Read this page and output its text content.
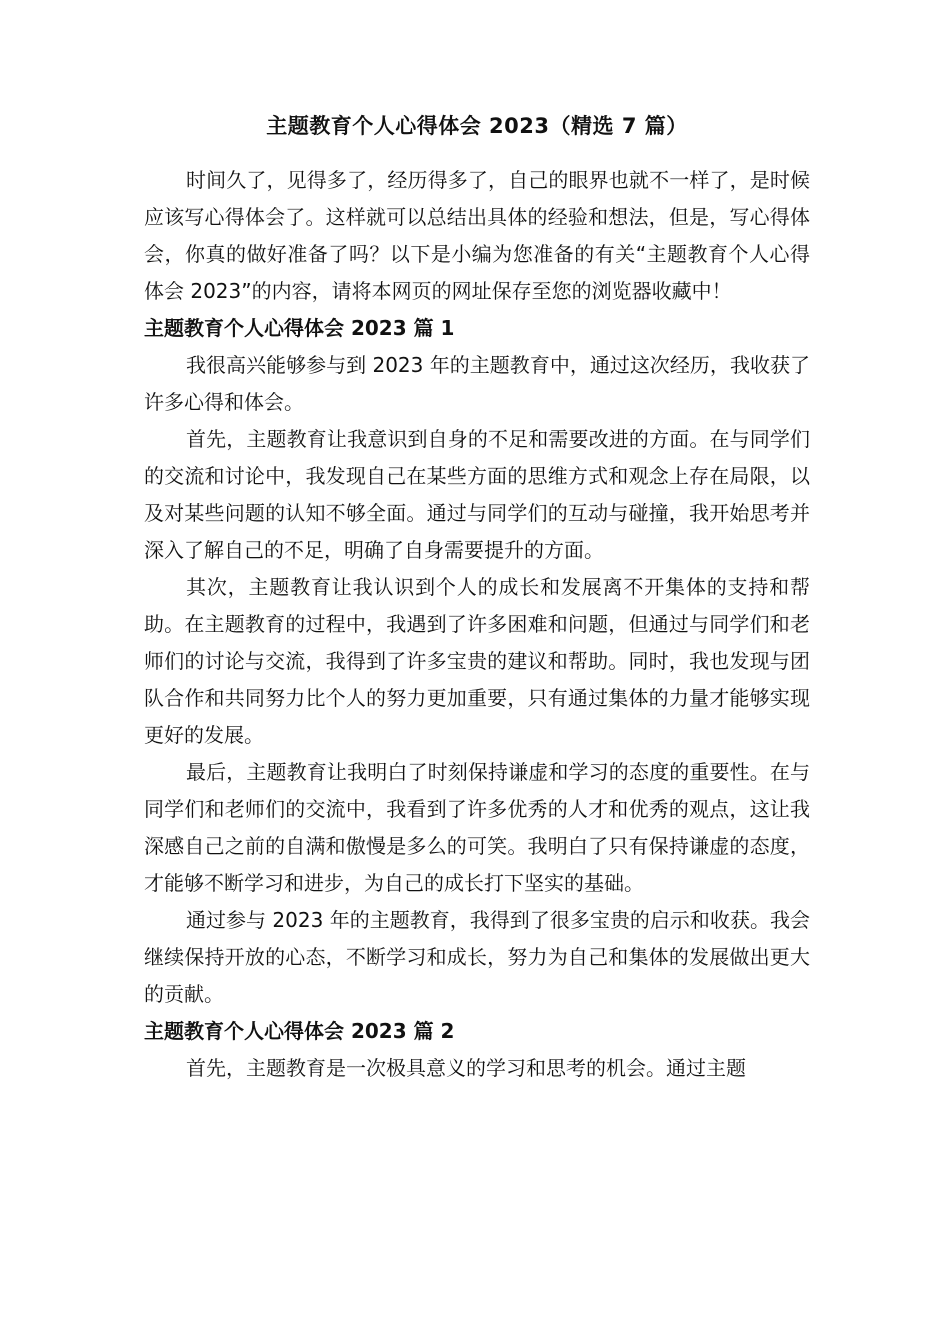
主题教育个人心得体会 2023（精选 7 篇）

时间久了，见得多了，经历得多了，自己的眼界也就不一样了，是时候应该写心得体会了。这样就可以总结出具体的经验和想法，但是，写心得体会，你真的做好准备了吗？以下是小编为您准备的有关“主题教育个人心得体会 2023”的内容，请将本网页的网址保存至您的浏览器收藏中！

主题教育个人心得体会 2023 篇 1

我很高兴能够参与到 2023 年的主题教育中，通过这次经历，我收获了许多心得和体会。

首先，主题教育让我意识到自身的不足和需要改进的方面。在与同学们的交流和讨论中，我发现自己在某些方面的思维方式和观念上存在局限，以及对某些问题的认知不够全面。通过与同学们的互动与碰撞，我开始思考并深入了解自己的不足，明确了自身需要提升的方面。

其次，主题教育让我认识到个人的成长和发展离不开集体的支持和帮助。在主题教育的过程中，我遇到了许多困难和问题，但通过与同学们和老师们的讨论与交流，我得到了许多宝贵的建议和帮助。同时，我也发现与团队合作和共同努力比个人的努力更加重要，只有通过集体的力量才能够实现更好的发展。

最后，主题教育让我明白了时刻保持谦虚和学习的态度的重要性。在与同学们和老师们的交流中，我看到了许多优秀的人才和优秀的观点，这让我深感自己之前的自满和傲慢是多么的可笑。我明白了只有保持谦虚的态度，才能够不断学习和进步，为自己的成长打下坚实的基础。

通过参与 2023 年的主题教育，我得到了很多宝贵的启示和收获。我会继续保持开放的心态，不断学习和成长，努力为自己和集体的发展做出更大的贡献。

主题教育个人心得体会 2023 篇 2

首先，主题教育是一次极具意义的学习和思考的机会。通过主题
